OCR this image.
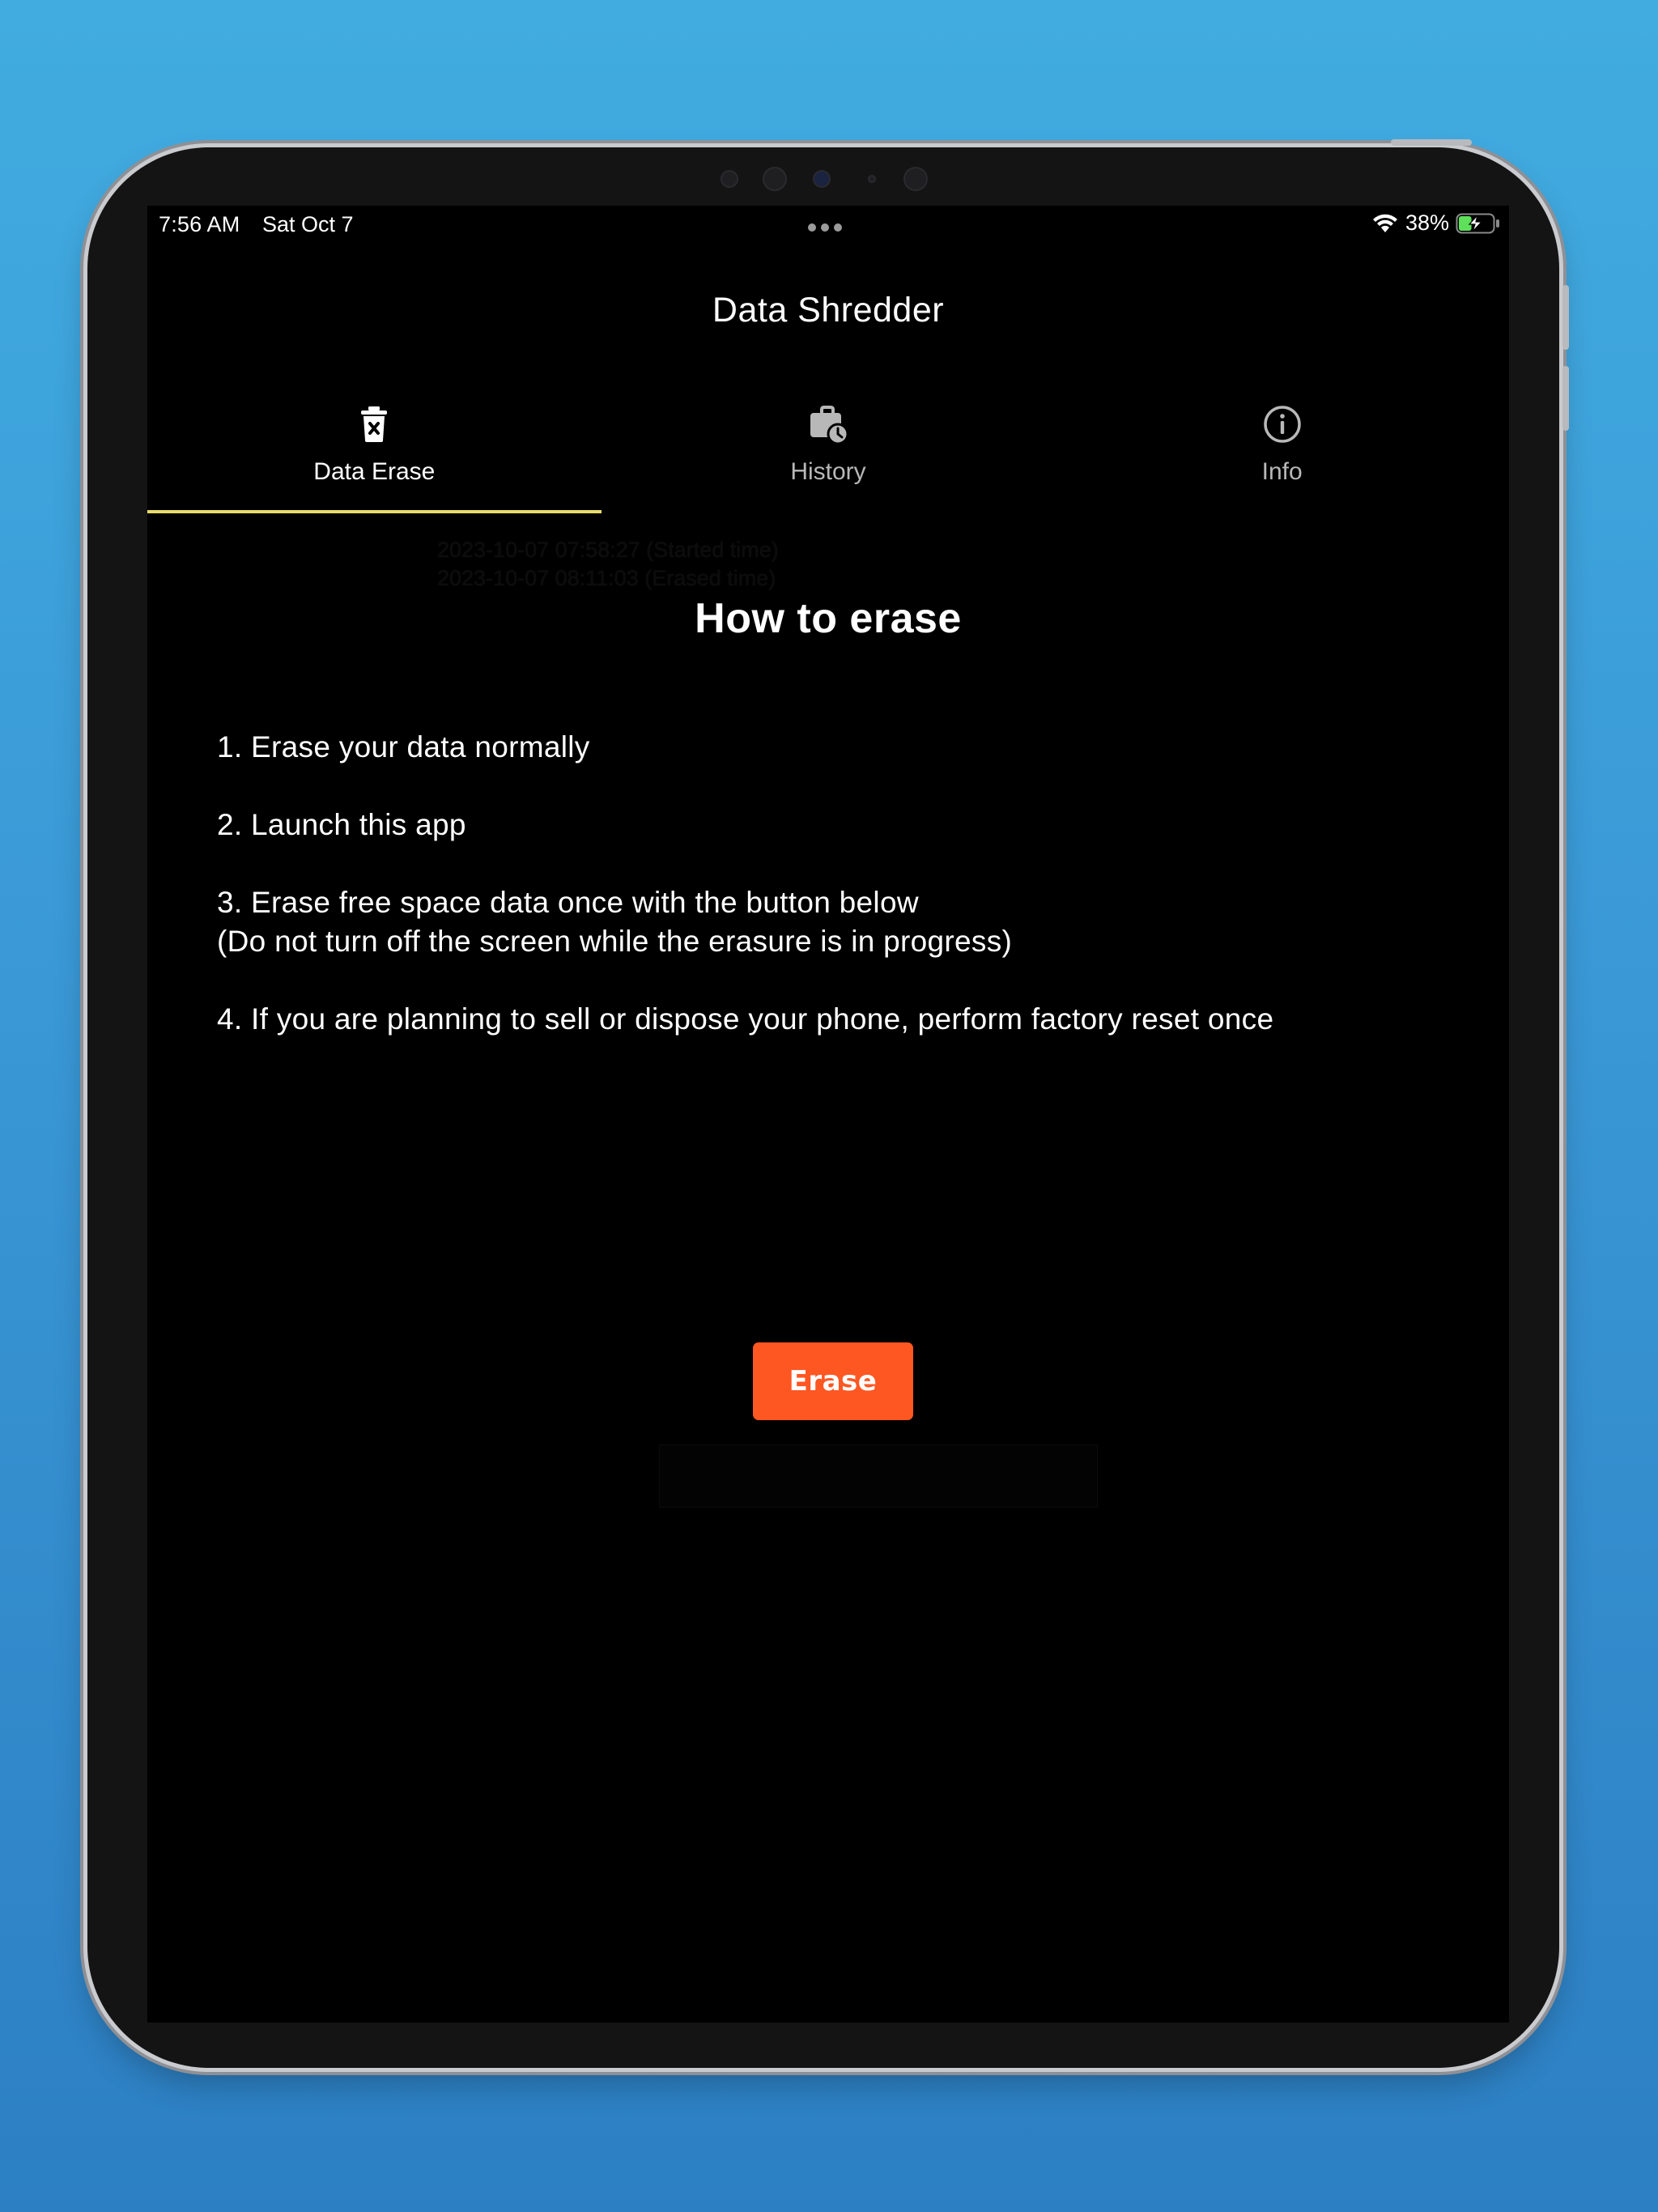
7:56 AM Sat Oct 7	38%
Data Shredder
Data Erase	History	Info
2023-10-07 07:58:27 (Started time)
2023-10-07 08:11:03 (Erased time)
How to erase

1. Erase your data normally

2. Launch this app

3. Erase free space data once with the button below
(Do not turn off the screen while the erasure is in progress)

4. If you are planning to sell or dispose your phone, perform factory reset once

Erase
